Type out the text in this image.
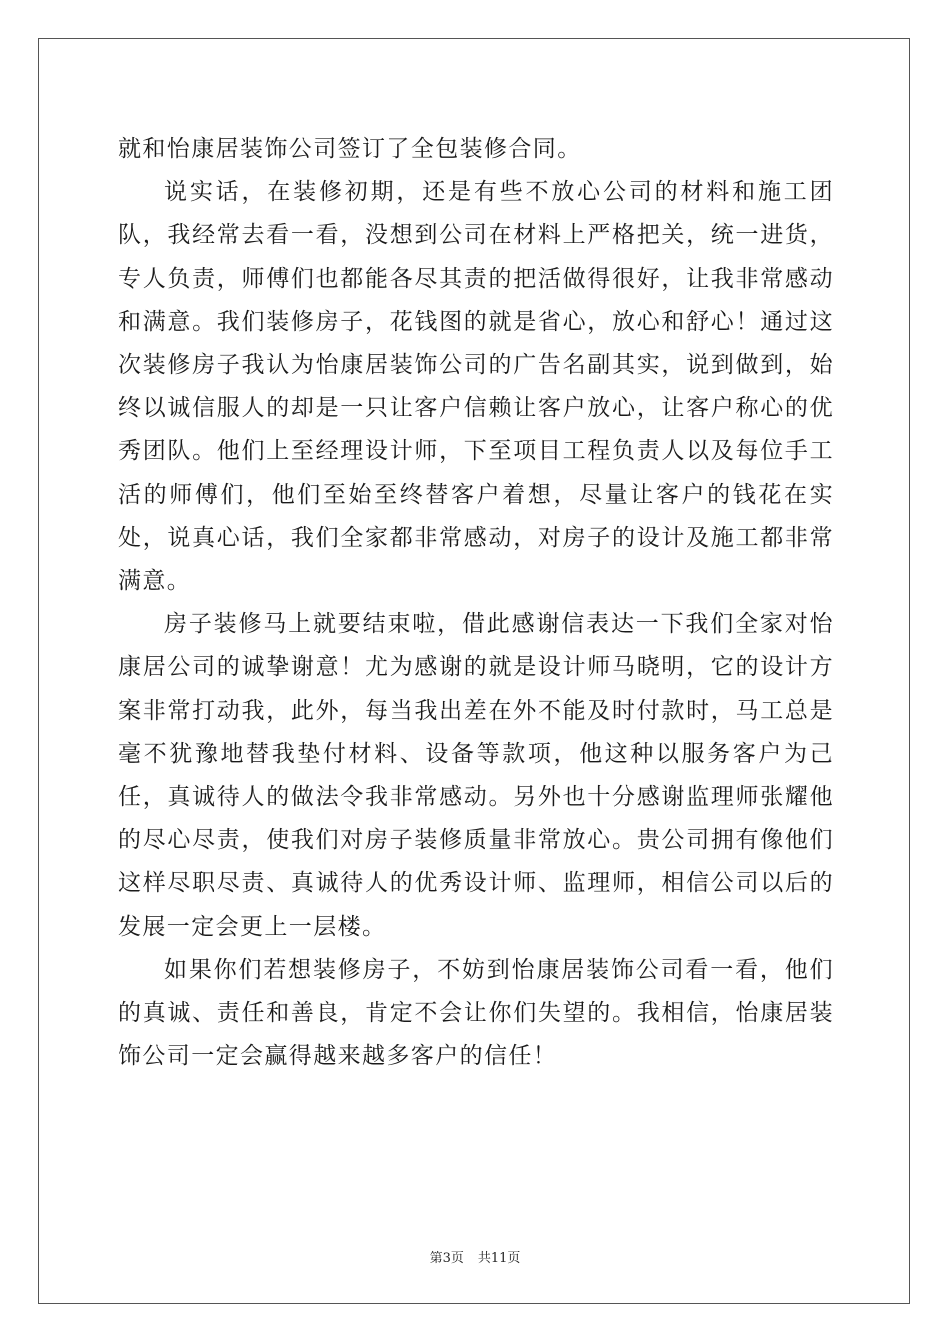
就和怡康居装饰公司签订了全包装修合同。

说实话，在装修初期，还是有些不放心公司的材料和施工团队，我经常去看一看，没想到公司在材料上严格把关，统一进货，专人负责，师傅们也都能各尽其责的把活做得很好，让我非常感动和满意。我们装修房子，花钱图的就是省心，放心和舒心！通过这次装修房子我认为怡康居装饰公司的广告名副其实，说到做到，始终以诚信服人的却是一只让客户信赖让客户放心，让客户称心的优秀团队。他们上至经理设计师，下至项目工程负责人以及每位手工活的师傅们，他们至始至终替客户着想，尽量让客户的钱花在实处，说真心话，我们全家都非常感动，对房子的设计及施工都非常满意。

房子装修马上就要结束啦，借此感谢信表达一下我们全家对怡康居公司的诚挚谢意！尤为感谢的就是设计师马晓明，它的设计方案非常打动我，此外，每当我出差在外不能及时付款时，马工总是毫不犹豫地替我垫付材料、设备等款项，他这种以服务客户为己任，真诚待人的做法令我非常感动。另外也十分感谢监理师张耀他的尽心尽责，使我们对房子装修质量非常放心。贵公司拥有像他们这样尽职尽责、真诚待人的优秀设计师、监理师，相信公司以后的发展一定会更上一层楼。

如果你们若想装修房子，不妨到怡康居装饰公司看一看，他们的真诚、责任和善良，肯定不会让你们失望的。我相信，怡康居装饰公司一定会赢得越来越多客户的信任！

第3页 共11页
